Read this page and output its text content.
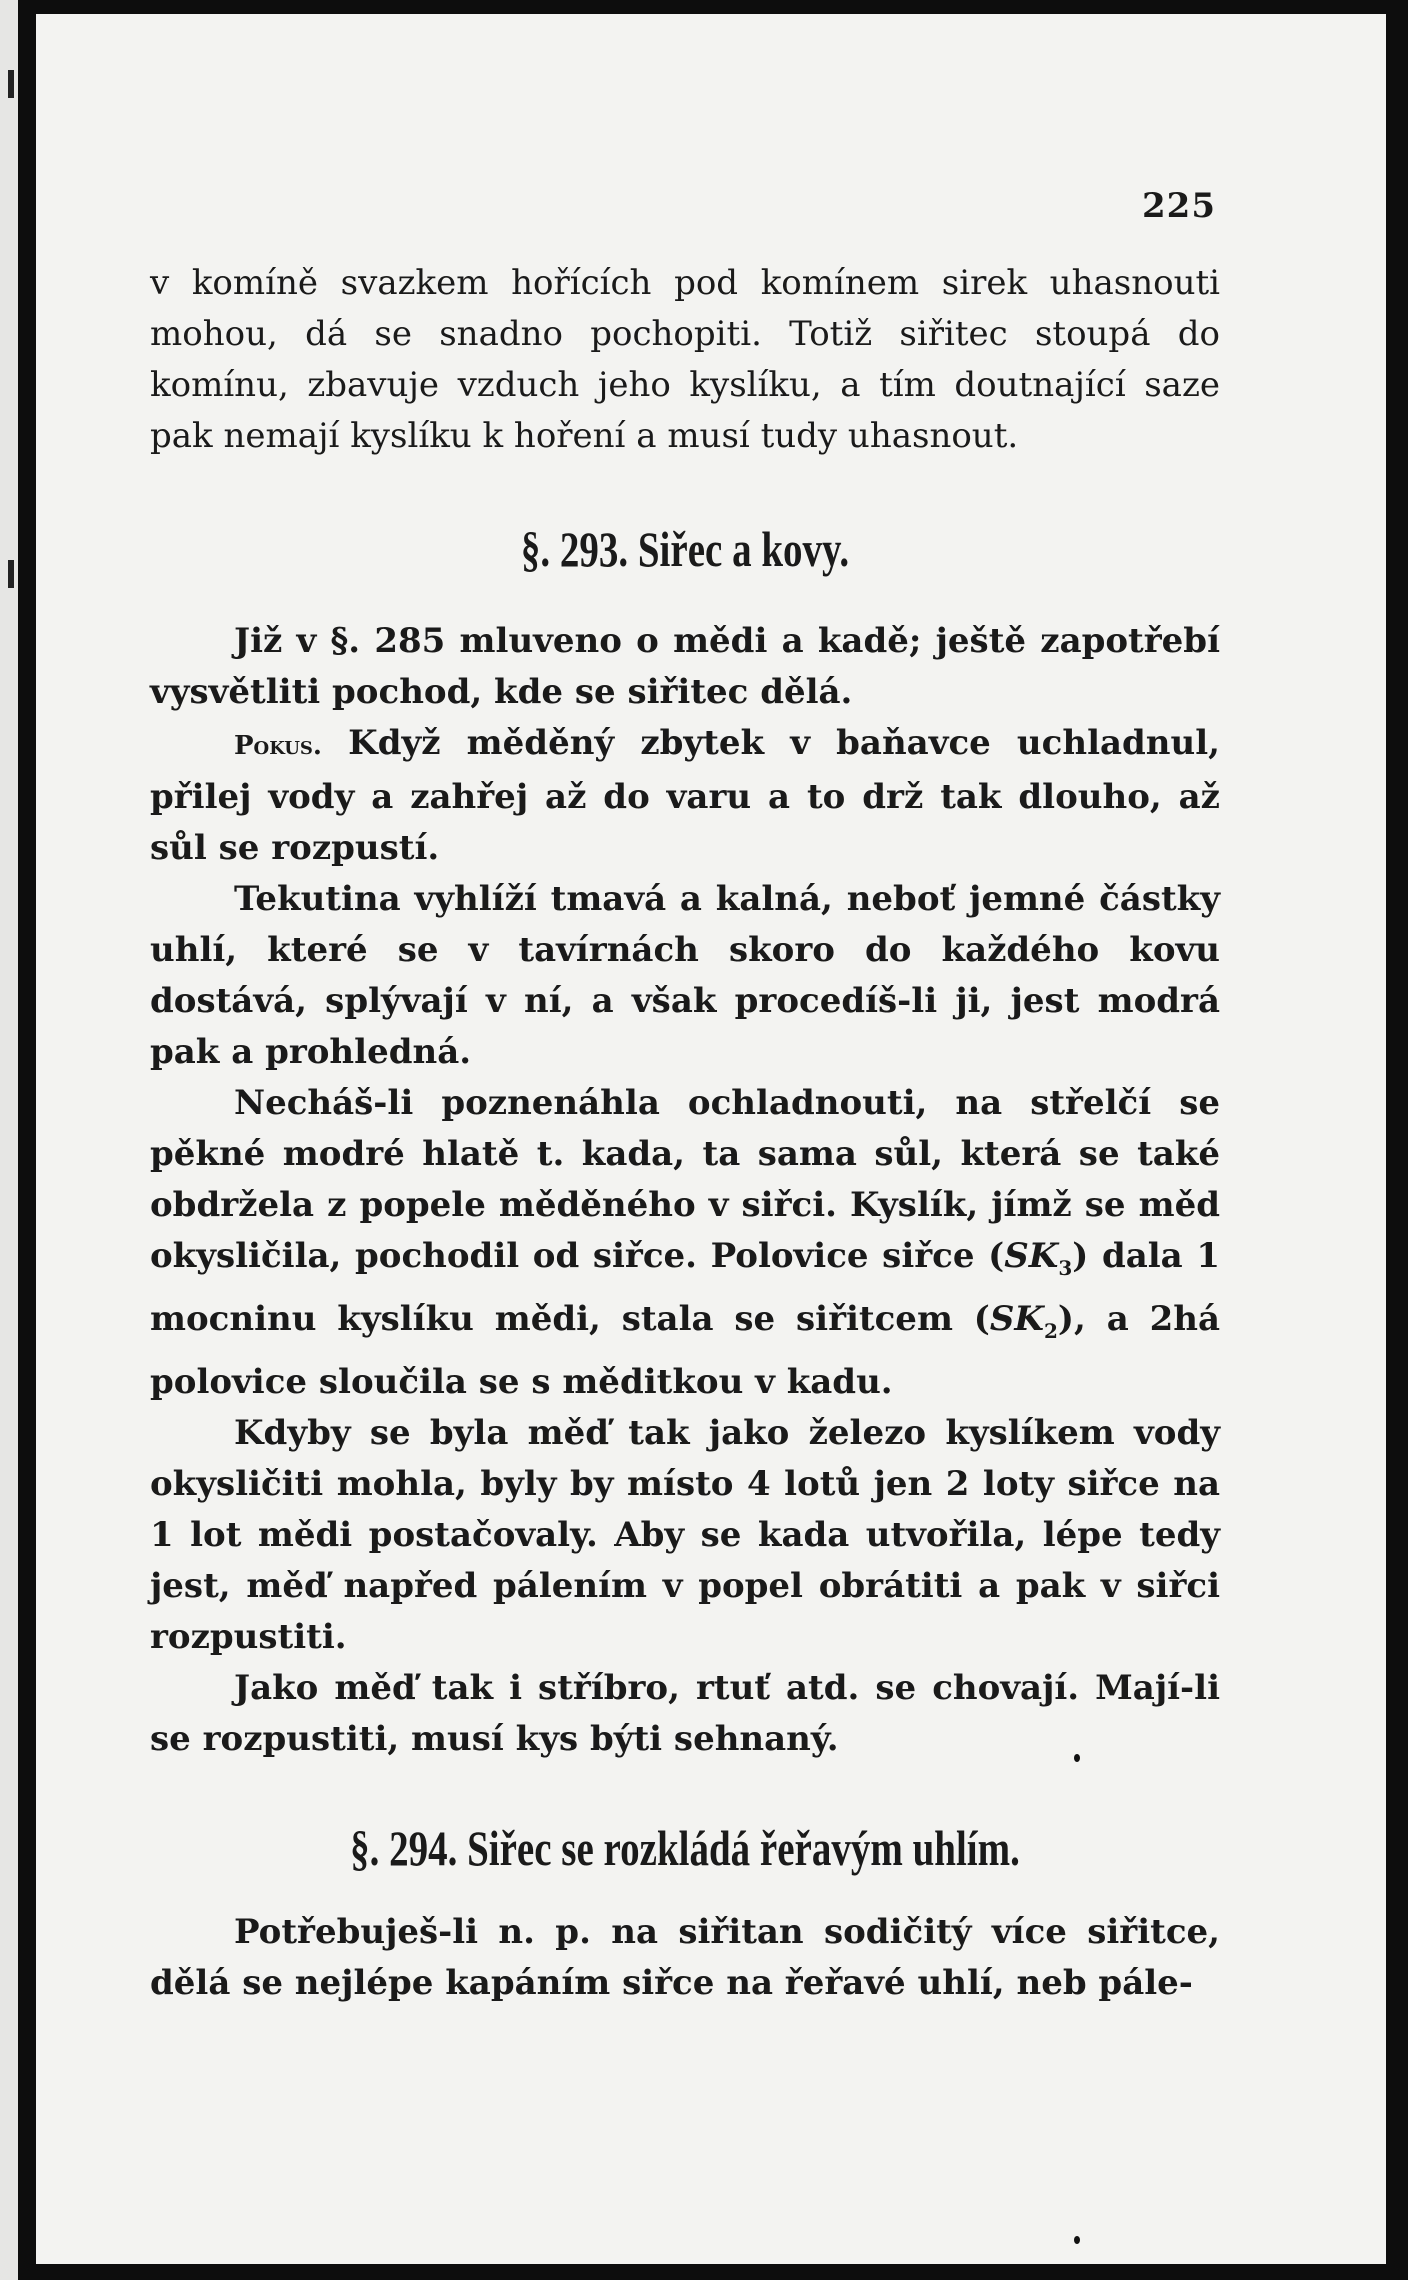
225

v komíně svazkem hořících pod komínem sirek uhasnouti mohou, dá se snadno pochopiti. Totiž siřitec stoupá do komínu, zbavuje vzduch jeho kyslíku, a tím doutnající saze pak nemají kyslíku k hoření a musí tudy uhasnout.

§. 293. Siřec a kovy.

Již v §. 285 mluveno o mědi a kadě; ještě zapotřebí vysvětliti pochod, kde se siřitec dělá.

Pokus. Když měděný zbytek v baňavce uchladnul, přilej vody a zahřej až do varu a to drž tak dlouho, až sůl se rozpustí.

Tekutina vyhlíží tmavá a kalná, neboť jemné částky uhlí, které se v tavírnách skoro do každého kovu dostává, splývají v ní, a však procedíš-li ji, jest modrá pak a prohledná.

Necháš-li poznenáhla ochladnouti, na střelčí se pěkné modré hlatě t. kada, ta sama sůl, která se také obdržela z popele měděného v siřci. Kyslík, jímž se měd okysličila, pochodil od siřce. Polovice siřce $(SK_3)$ dala 1 mocninu kyslíku mědi, stala se siřitcem $(SK_2)$, a 2há polovice sloučila se s měditkou v kadu.

Kdyby se byla měď tak jako železo kyslíkem vody okysličiti mohla, byly by místo 4 lotů jen 2 loty siřce na 1 lot mědi postačovaly. Aby se kada utvořila, lépe tedy jest, měď napřed pálením v popel obrátiti a pak v siřci rozpustiti.

Jako měď tak i stříbro, rtuť atd. se chovají. Mají-li se rozpustiti, musí kys býti sehnaný.

§. 294. Siřec se rozkládá řeřavým uhlím.

Potřebuješ-li n. p. na siřitan sodičitý více siřitce, dělá se nejlépe kapáním siřce na řeřavé uhlí, neb pále-
